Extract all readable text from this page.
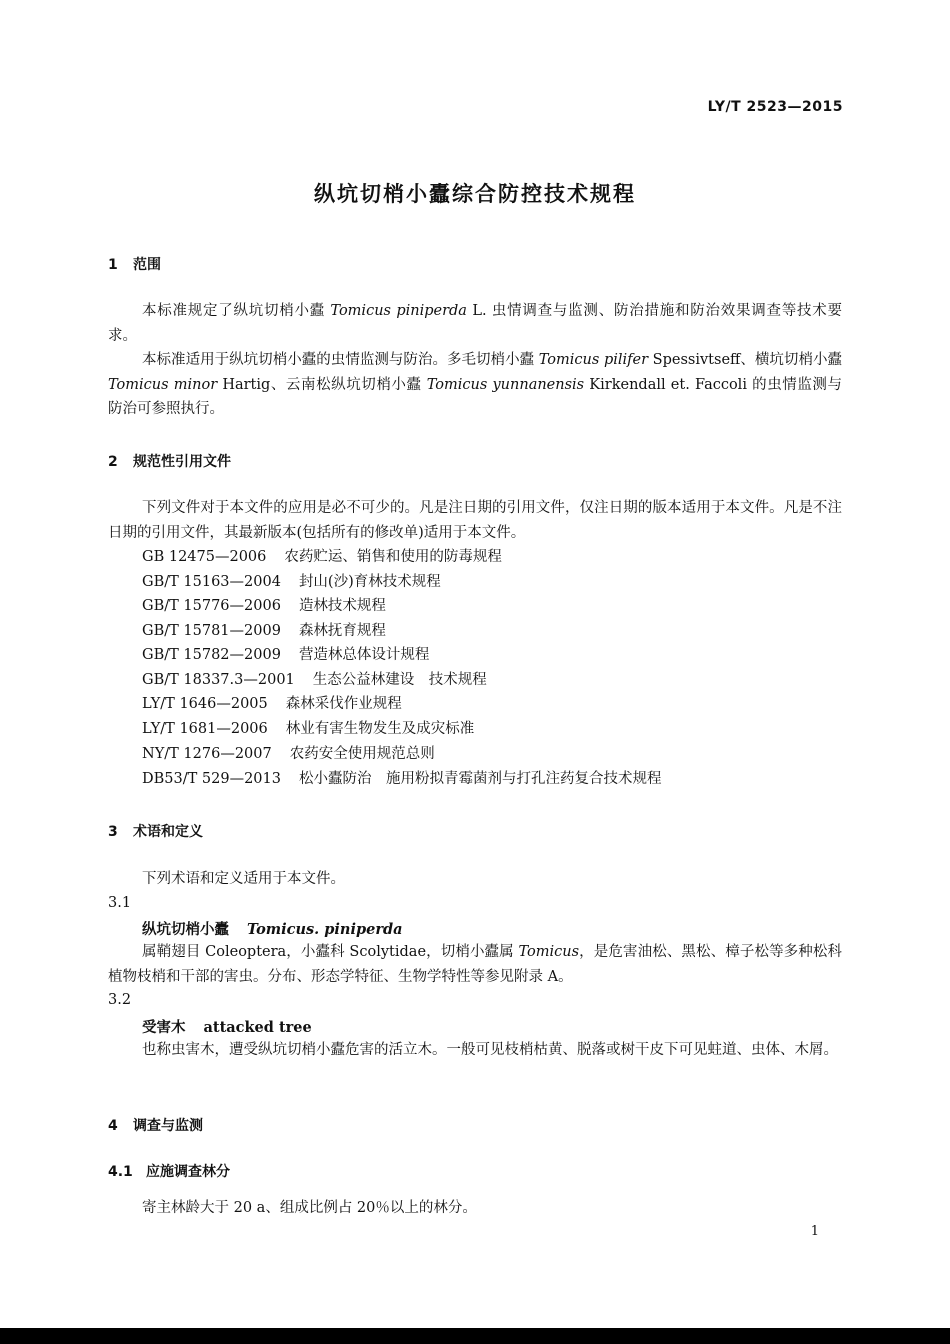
LY/T 2523—2015
纵坑切梢小蠹综合防控技术规程
1 范围

本标准规定了纵坑切梢小蠹 Tomicus piniperda L. 虫情调查与监测、防治措施和防治效果调查等技术要求。

本标准适用于纵坑切梢小蠹的虫情监测与防治。多毛切梢小蠹 Tomicus pilifer Spessivtseff、横坑切梢小蠹 Tomicus minor Hartig、云南松纵坑切梢小蠹 Tomicus yunnanensis Kirkendall et. Faccoli 的虫情监测与防治可参照执行。

2 规范性引用文件

下列文件对于本文件的应用是必不可少的。凡是注日期的引用文件，仅注日期的版本适用于本文件。凡是不注日期的引用文件，其最新版本(包括所有的修改单)适用于本文件。

GB 12475—2006 农药贮运、销售和使用的防毒规程
GB/T 15163—2004 封山(沙)育林技术规程
GB/T 15776—2006 造林技术规程
GB/T 15781—2009 森林抚育规程
GB/T 15782—2009 营造林总体设计规程
GB/T 18337.3—2001 生态公益林建设　技术规程
LY/T 1646—2005 森林采伐作业规程
LY/T 1681—2006 林业有害生物发生及成灾标准
NY/T 1276—2007 农药安全使用规范总则
DB53/T 529—2013 松小蠹防治　施用粉拟青霉菌剂与打孔注药复合技术规程
3 术语和定义
下列术语和定义适用于本文件。
3.1
纵坑切梢小蠹 Tomicus. piniperda

属鞘翅目 Coleoptera，小蠹科 Scolytidae，切梢小蠹属 Tomicus，是危害油松、黑松、樟子松等多种松科植物枝梢和干部的害虫。分布、形态学特征、生物学特性等参见附录 A。

3.2
受害木 attacked tree

也称虫害木，遭受纵坑切梢小蠹危害的活立木。一般可见枝梢枯黄、脱落或树干皮下可见蛀道、虫体、木屑。

4 调查与监测
4.1 应施调查林分
寄主林龄大于 20 a、组成比例占 20％以上的林分。
1
